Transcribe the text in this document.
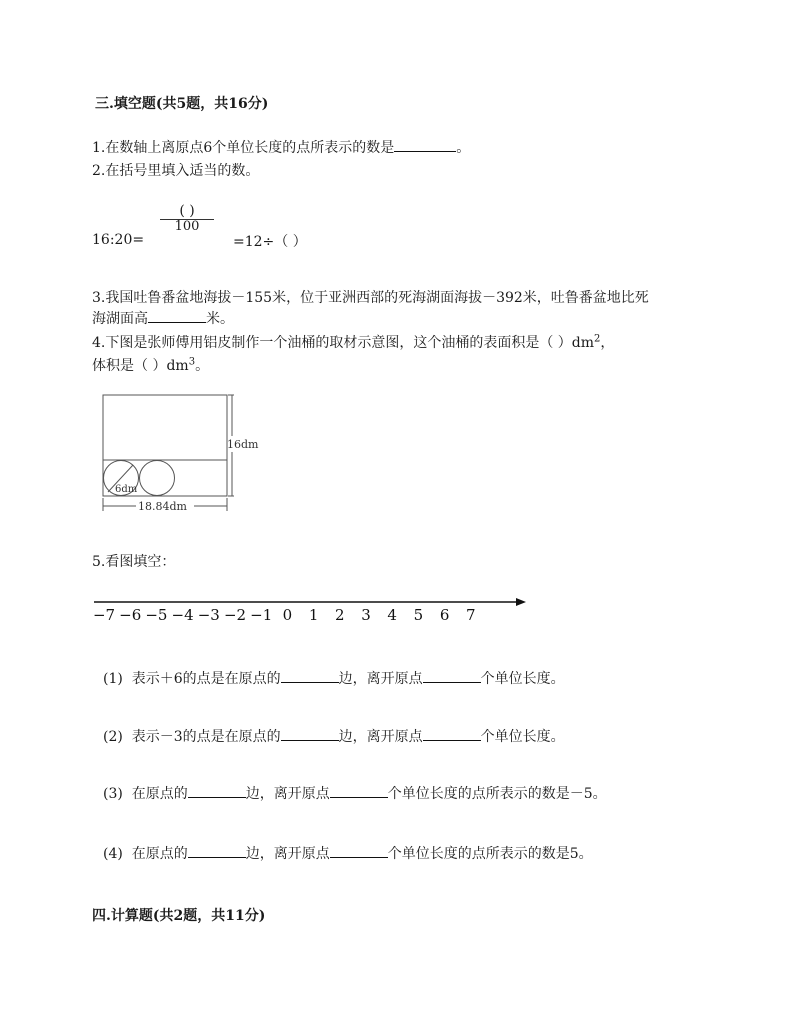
三.填空题(共5题，共16分)
1.在数轴上离原点6个单位长度的点所表示的数是	。
2.在括号里填入适当的数。
( )
100
16:20=	=12÷（ ）
3.我国吐鲁番盆地海拔－155米，位于亚洲西部的死海湖面海拔－392米，吐鲁番盆地比死
海湖面高	米。
4.下图是张师傅用铝皮制作一个油桶的取材示意图，这个油桶的表面积是（ ）$dm^2$，
体积是（ ）$dm^3$。
6dm
16dm
18.84dm
5.看图填空：
−7 −6 −5 −4 −3 −2 −1 0 1 2 3 4 5 6 7
(1) 表示＋6的点是在原点的	边，离开原点	个单位长度。
(2) 表示－3的点是在原点的	边，离开原点	个单位长度。
(3) 在原点的	边，离开原点	个单位长度的点所表示的数是－5。
(4) 在原点的	边，离开原点	个单位长度的点所表示的数是5。
四.计算题(共2题，共11分)
